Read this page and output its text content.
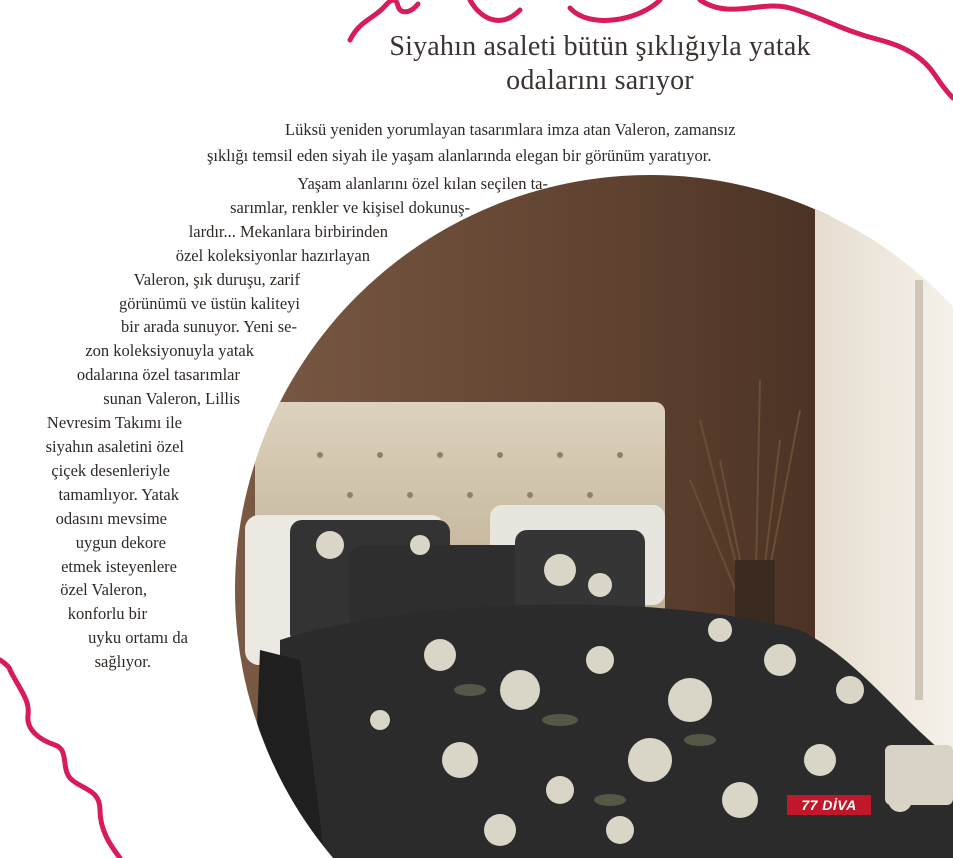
Siyahın asaleti bütün şıklığıyla yatak
odalarını sarıyor
Lüksü yeniden yorumlayan tasarımlara imza atan Valeron, zamansız
şıklığı temsil eden siyah ile yaşam alanlarında elegan bir görünüm yaratıyor.
Yaşam alanlarını özel kılan seçilen ta-
sarımlar, renkler ve kişisel dokunuş-
lardır... Mekanlara birbirinden
özel koleksiyonlar hazırlayan
Valeron, şık duruşu, zarif
görünümü ve üstün kaliteyi
bir arada sunuyor. Yeni se-
zon koleksiyonuyla yatak
odalarına özel tasarımlar
sunan Valeron, Lillis
Nevresim Takımı ile
siyahın asaletini özel
çiçek desenleriyle
tamamlıyor. Yatak
odasını mevsime
uygun dekore
etmek isteyenlere
özel Valeron,
konforlu bir
uyku ortamı da
sağlıyor.
77 DİVA
